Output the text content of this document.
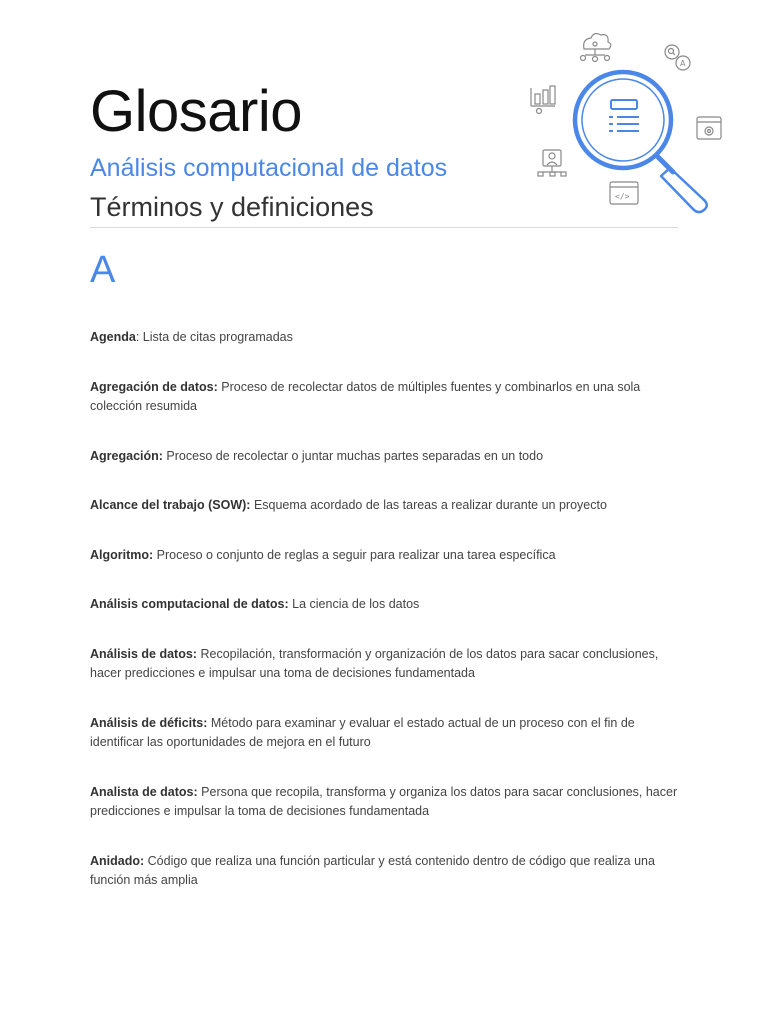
Glosario
Análisis computacional de datos
Términos y definiciones
A
</>
A
Agenda: Lista de citas programadas
Agregación de datos: Proceso de recolectar datos de múltiples fuentes y combinarlos en una sola colección resumida
Agregación: Proceso de recolectar o juntar muchas partes separadas en un todo
Alcance del trabajo (SOW): Esquema acordado de las tareas a realizar durante un proyecto
Algoritmo: Proceso o conjunto de reglas a seguir para realizar una tarea específica
Análisis computacional de datos: La ciencia de los datos
Análisis de datos: Recopilación, transformación y organización de los datos para sacar conclusiones, hacer predicciones e impulsar una toma de decisiones fundamentada
Análisis de déficits: Método para examinar y evaluar el estado actual de un proceso con el fin de identificar las oportunidades de mejora en el futuro
Analista de datos: Persona que recopila, transforma y organiza los datos para sacar conclusiones, hacer predicciones e impulsar la toma de decisiones fundamentada
Anidado: Código que realiza una función particular y está contenido dentro de código que realiza una función más amplia
